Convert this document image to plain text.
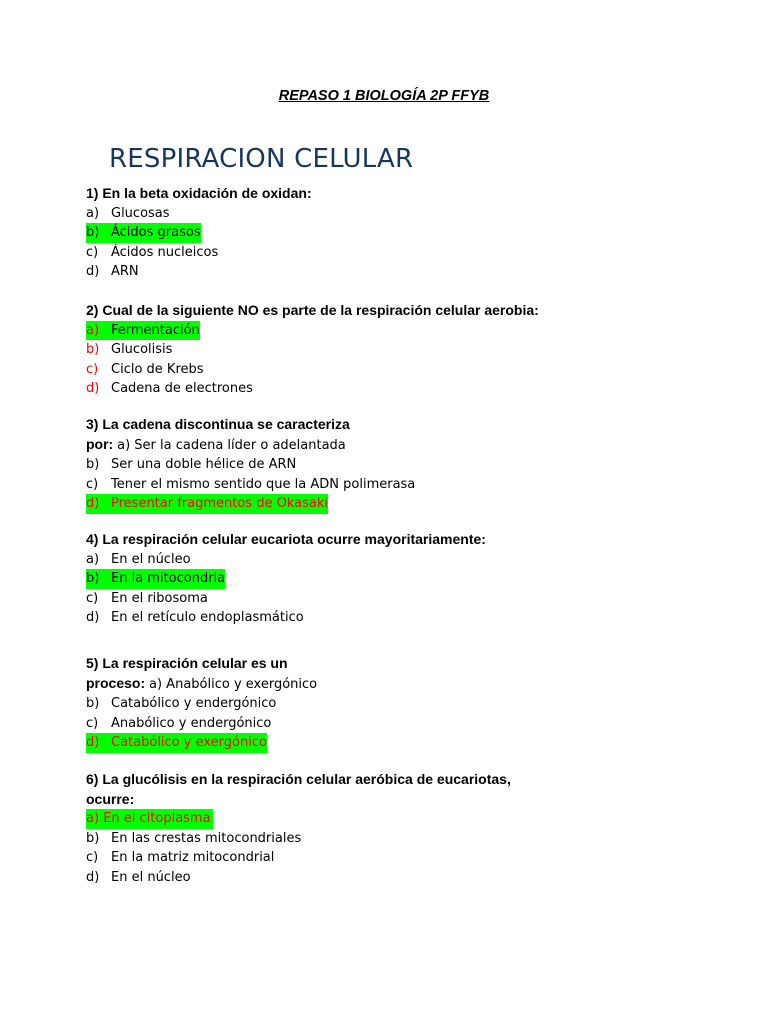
REPASO 1 BIOLOGÍA 2P FFYB
RESPIRACION CELULAR
1) En la beta oxidación de oxidan:
a) Glucosas
b) Ácidos grasos
c) Ácidos nucleicos
d) ARN
2) Cual de la siguiente NO es parte de la respiración celular aerobia:
a) Fermentación
b) Glucolisis
c) Ciclo de Krebs
d) Cadena de electrones
3) La cadena discontinua se caracteriza
por: a) Ser la cadena líder o adelantada
b) Ser una doble hélice de ARN
c) Tener el mismo sentido que la ADN polimerasa
d) Presentar fragmentos de Okasaki
4) La respiración celular eucariota ocurre mayoritariamente:
a) En el núcleo
b) En la mitocondria
c) En el ribosoma
d) En el retículo endoplasmático
5) La respiración celular es un
proceso: a) Anabólico y exergónico
b) Catabólico y endergónico
c) Anabólico y endergónico
d) Catabólico y exergónico
6) La glucólisis en la respiración celular aeróbica de eucariotas,
ocurre:
a) En el citoplasma
b) En las crestas mitocondriales
c) En la matriz mitocondrial
d) En el núcleo
